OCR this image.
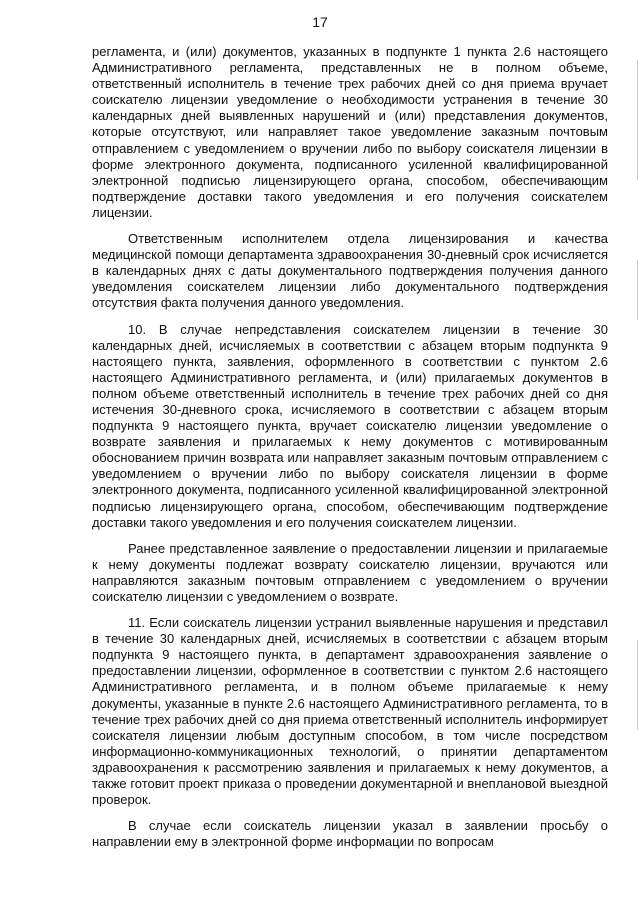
17

регламента, и (или) документов, указанных в подпункте 1 пункта 2.6 настоящего Административного регламента, представленных не в полном объеме, ответственный исполнитель в течение трех рабочих дней со дня приема вручает соискателю лицензии уведомление о необходимости устранения в течение 30 календарных дней выявленных нарушений и (или) представления документов, которые отсутствуют, или направляет такое уведомление заказным почтовым отправлением с уведомлением о вручении либо по выбору соискателя лицензии в форме электронного документа, подписанного усиленной квалифицированной электронной подписью лицензирующего органа, способом, обеспечивающим подтверждение доставки такого уведомления и его получения соискателем лицензии.

Ответственным исполнителем отдела лицензирования и качества медицинской помощи департамента здравоохранения 30-дневный срок исчисляется в календарных днях с даты документального подтверждения получения данного уведомления соискателем лицензии либо документального подтверждения отсутствия факта получения данного уведомления.

10. В случае непредставления соискателем лицензии в течение 30 календарных дней, исчисляемых в соответствии с абзацем вторым подпункта 9 настоящего пункта, заявления, оформленного в соответствии с пунктом 2.6 настоящего Административного регламента, и (или) прилагаемых документов в полном объеме ответственный исполнитель в течение трех рабочих дней со дня истечения 30-дневного срока, исчисляемого в соответствии с абзацем вторым подпункта 9 настоящего пункта, вручает соискателю лицензии уведомление о возврате заявления и прилагаемых к нему документов с мотивированным обоснованием причин возврата или направляет заказным почтовым отправлением с уведомлением о вручении либо по выбору соискателя лицензии в форме электронного документа, подписанного усиленной квалифицированной электронной подписью лицензирующего органа, способом, обеспечивающим подтверждение доставки такого уведомления и его получения соискателем лицензии.

Ранее представленное заявление о предоставлении лицензии и прилагаемые к нему документы подлежат возврату соискателю лицензии, вручаются или направляются заказным почтовым отправлением с уведомлением о вручении соискателю лицензии с уведомлением о возврате.

11. Если соискатель лицензии устранил выявленные нарушения и представил в течение 30 календарных дней, исчисляемых в соответствии с абзацем вторым подпункта 9 настоящего пункта, в департамент здравоохранения заявление о предоставлении лицензии, оформленное в соответствии с пунктом 2.6 настоящего Административного регламента, и в полном объеме прилагаемые к нему документы, указанные в пункте 2.6 настоящего Административного регламента, то в течение трех рабочих дней со дня приема ответственный исполнитель информирует соискателя лицензии любым доступным способом, в том числе посредством информационно-коммуникационных технологий, о принятии департаментом здравоохранения к рассмотрению заявления и прилагаемых к нему документов, а также готовит проект приказа о проведении документарной и внеплановой выездной проверок.

В случае если соискатель лицензии указал в заявлении просьбу о направлении ему в электронной форме информации по вопросам
